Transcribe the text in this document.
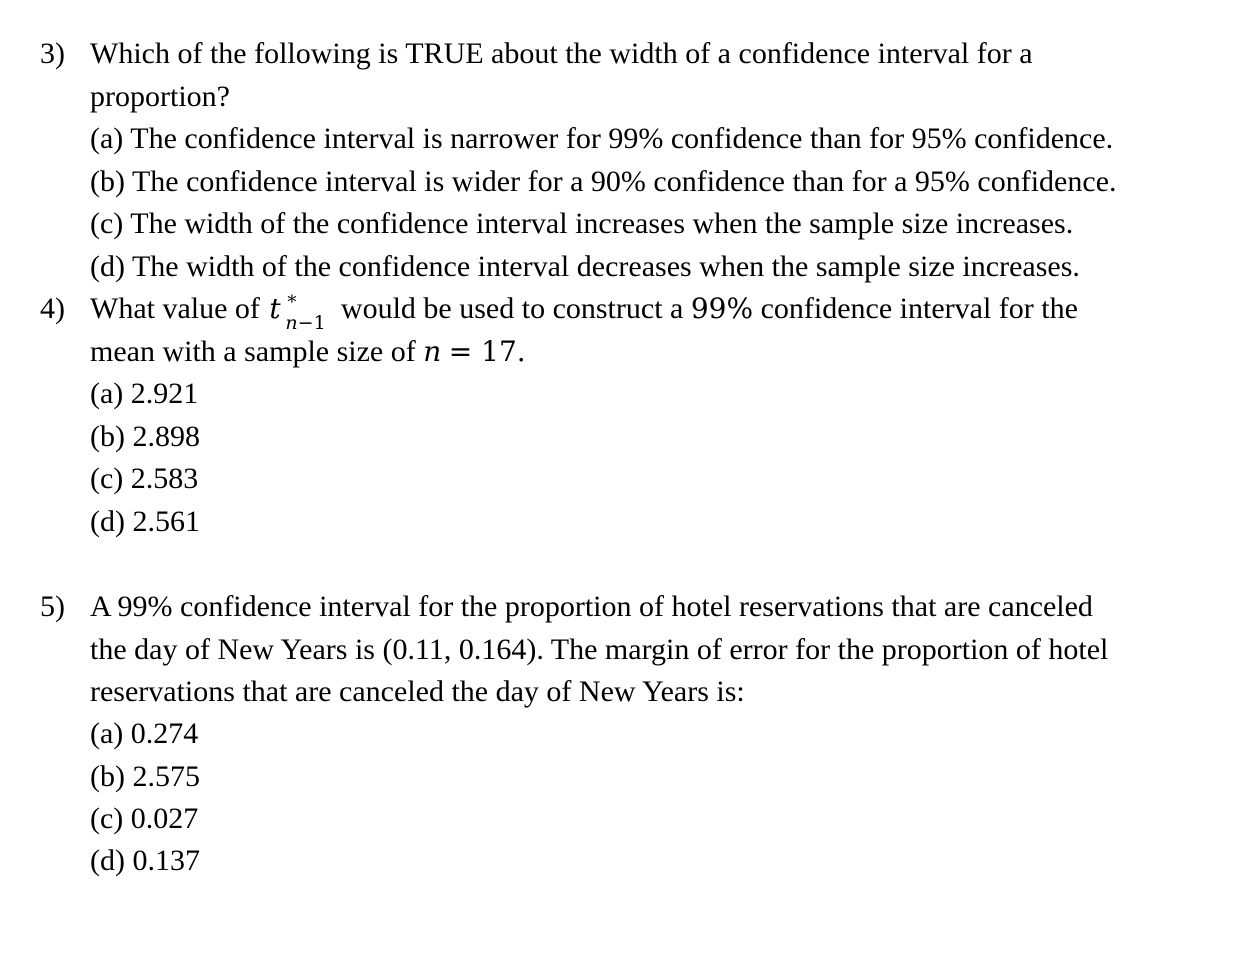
3) Which of the following is TRUE about the width of a confidence interval for a
proportion?
(a) The confidence interval is narrower for 99% confidence than for 95% confidence.
(b) The confidence interval is wider for a 90% confidence than for a 95% confidence.
(c) The width of the confidence interval increases when the sample size increases.
(d) The width of the confidence interval decreases when the sample size increases.
4) What value of t *
n−1 would be used to construct a 99% confidence interval for the
mean with a sample size of n = 17.
(a) 2.921
(b) 2.898
(c) 2.583
(d) 2.561
5) A 99% confidence interval for the proportion of hotel reservations that are canceled
the day of New Years is (0.11, 0.164). The margin of error for the proportion of hotel
reservations that are canceled the day of New Years is:
(a) 0.274
(b) 2.575
(c) 0.027
(d) 0.137
